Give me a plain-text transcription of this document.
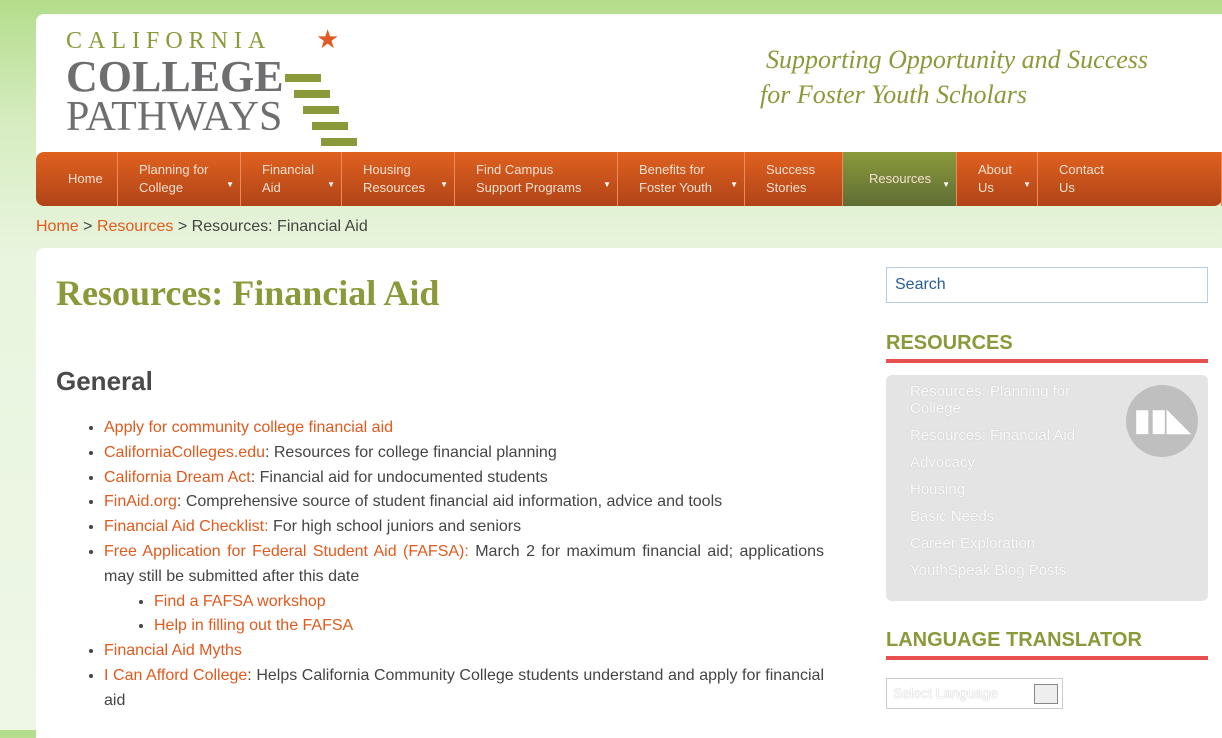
CALIFORNIA	★
COLLEGE
PATHWAYS
Supporting Opportunity and Success
for Foster Youth Scholars
Home
Planning for
College	▼
Financial
Aid	▼
Housing
Resources ▼
Find Campus
Support Programs	▼
Benefits for
Foster Youth ▼
Success
Stories
Resources ▼
About
Us	▼
Contact
Us
Home > Resources > Resources: Financial Aid
Resources: Financial Aid
General
• Apply for community college financial aid
• CaliforniaColleges.edu: Resources for college financial planning
• California Dream Act: Financial aid for undocumented students
• FinAid.org: Comprehensive source of student financial aid information, advice and tools
• Financial Aid Checklist: For high school juniors and seniors
• Free Application for Federal Student Aid (FAFSA): March 2 for maximum financial aid; applications may still be submitted after this date
• Find a FAFSA workshop
• Help in filling out the FAFSA
• Financial Aid Myths
• I Can Afford College: Helps California Community College students understand and apply for financial aid
Search
RESOURCES
▮▮◣
Resources: Planning for College
Resources: Financial Aid
Advocacy
Housing
Basic Needs
Career Exploration
YouthSpeak Blog Posts
LANGUAGE TRANSLATOR
Select Language
